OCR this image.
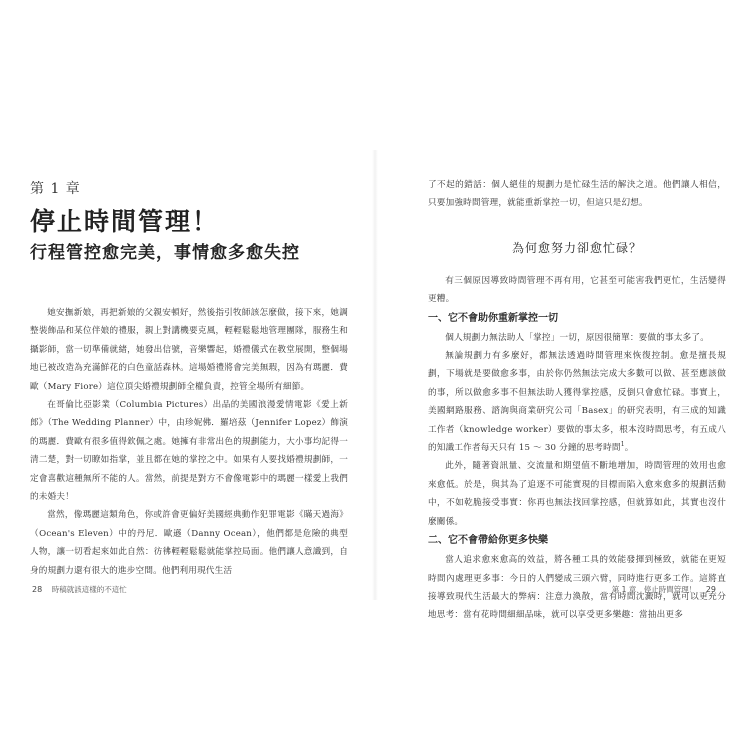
第 1 章
停止時間管理！
行程管控愈完美，事情愈多愈失控

她安撫新娘，再把新娘的父親安頓好，然後指引牧師該怎麼做，接下來，她調整裝飾品和某位伴娘的禮服，親上對講機要克風，輕輕鬆鬆地管理團隊，服務生和攝影師，當一切準備就緒，她發出信號，音樂響起，婚禮儀式在教堂展開，整個場地已被改造為充滿鮮花的白色童話森林。這場婚禮將會完美無瑕，因為有瑪麗．費歐（Mary Fiore）這位頂尖婚禮規劃師全權負責，控管全場所有細節。

在哥倫比亞影業（Columbia Pictures）出品的美國浪漫愛情電影《愛上新郎》（The Wedding Planner）中，由珍妮佛．羅培茲（Jennifer Lopez）飾演的瑪麗．費歐有很多值得欽佩之處。她擁有非常出色的規劃能力，大小事均記得一清二楚，對一切瞭如指掌，並且都在她的掌控之中。如果有人要找婚禮規劃師，一定會喜歡這種無所不能的人。當然，前提是對方不會像電影中的瑪麗一樣愛上我們的未婚夫！

當然，像瑪麗這類角色，你或許會更偏好美國經典動作犯罪電影《瞞天過海》（Ocean's Eleven）中的丹尼．歐遜（Danny Ocean），他們都是危險的典型人物，讓一切看起來如此自然：彷彿輕輕鬆鬆就能掌控局面。他們讓人意識到，自身的規劃力還有很大的進步空間。他們利用現代生活

28 時稿就該這樣的不這忙

了不起的錯話：個人絕佳的規劃力是忙碌生活的解決之道。他們讓人相信，只要加強時間管理，就能重新掌控一切，但這只是幻想。

為何愈努力卻愈忙碌？

有三個原因導致時間管理不再有用，它甚至可能害我們更忙，生活變得更糟。

一、它不會助你重新掌控一切

個人規劃力無法助人「掌控」一切，原因很簡單：要做的事太多了。

無論規劃力有多麼好，都無法透過時間管理來恢復控制。愈是擅長規劃，下場就是要做愈多事，由於你仍然無法完成大多數可以做、甚至應該做的事，所以做愈多事不但無法助人獲得掌控感，反倒只會愈忙碌。事實上，美國網路服務、諮詢與商業研究公司「Basex」的研究表明，有三成的知識工作者（knowledge worker）要做的事太多，根本沒時間思考，有五成八的知識工作者每天只有 15 ～ 30 分鐘的思考時間$^1$。

此外，隨著資訊量、交流量和期望值不斷地增加，時間管理的效用也愈來愈低。於是，與其為了追逐不可能實現的目標而陷入愈來愈多的規劃活動中，不如乾脆接受事實：你再也無法找回掌控感，但就算如此，其實也沒什麼關係。

二、它不會帶給你更多快樂

當人追求愈來愈高的效益，將各種工具的效能發揮到極致，就能在更短時間內處理更多事：今日的人們變成三頭六臂，同時進行更多工作。這將直接導致現代生活最大的弊病：注意力渙散，當有時間沈澱時，就可以更充分地思考：當有花時間細細品味，就可以享受更多樂趣：當抽出更多

第 1 章　停止時間管理！ 29
